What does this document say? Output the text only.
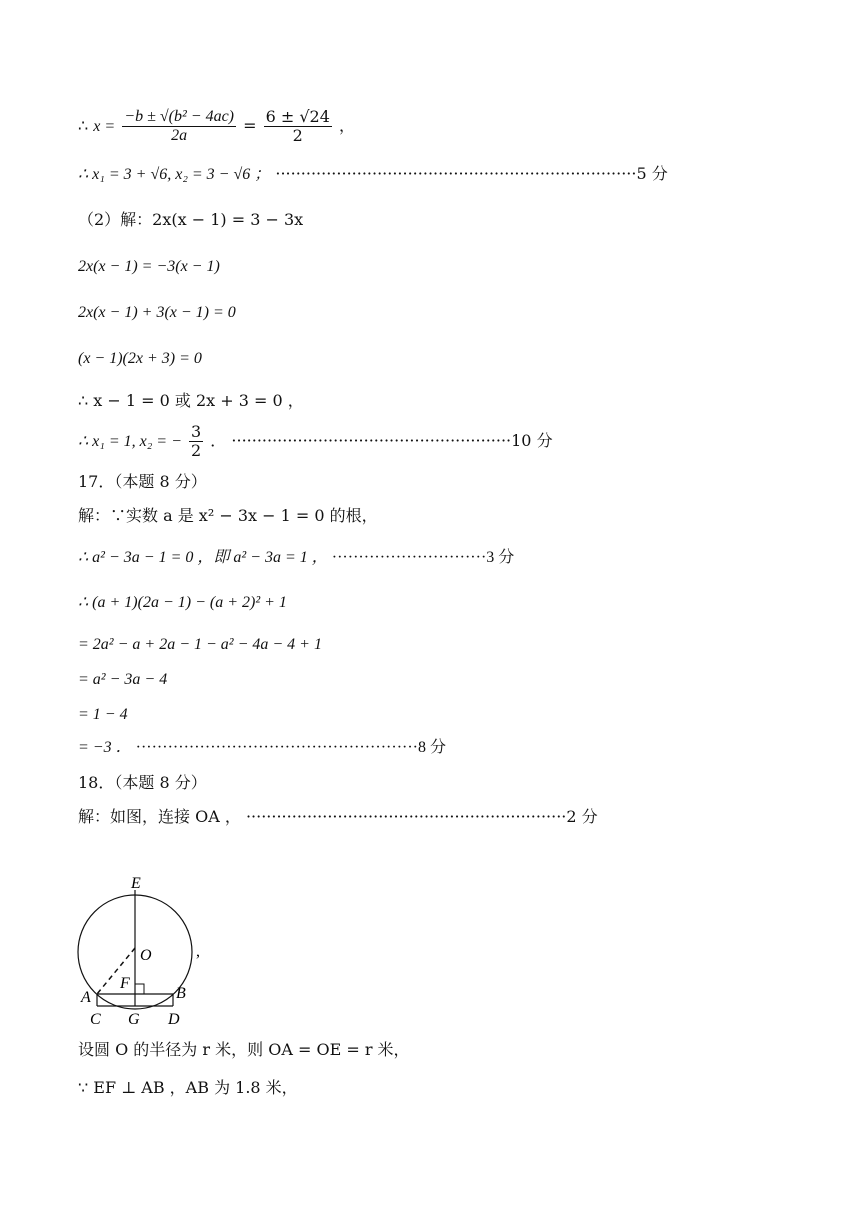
∴ $x = \frac{\text{−b ± √(b² − 4ac)}}{2a} = \frac{6 \pm √24}{2}$ ，
∴ x₁ = 3 + √6, x₂ = 3 − √6 ； ·······································································5 分
（2）解：2x(x − 1) = 3 − 3x
2x(x − 1) = −3(x − 1)
2x(x − 1) + 3(x − 1) = 0
(x − 1)(2x + 3) = 0
∴ x − 1 = 0 或 2x + 3 = 0 ，
∴ x₁ = 1, x₂ = − $\frac{3}{2}$ ． ·······················································10 分
17．（本题 8 分）
解：∵实数 a 是 x² − 3x − 1 = 0 的根，
∴ a² − 3a − 1 = 0 ，即 a² − 3a = 1 ， ·····························3 分
∴ (a + 1)(2a − 1) − (a + 2)² + 1
= 2a² − a + 2a − 1 − a² − 4a − 4 + 1
= a² − 3a − 4
= 1 − 4
= −3 ． ·····················································8 分
18．（本题 8 分）
解：如图，连接 OA ， ·······························································2 分
E
O
F
A	B
C G D
,
设圆 O 的半径为 r 米，则 OA = OE = r 米，
∵ EF ⊥ AB ，AB 为 1.8 米，
